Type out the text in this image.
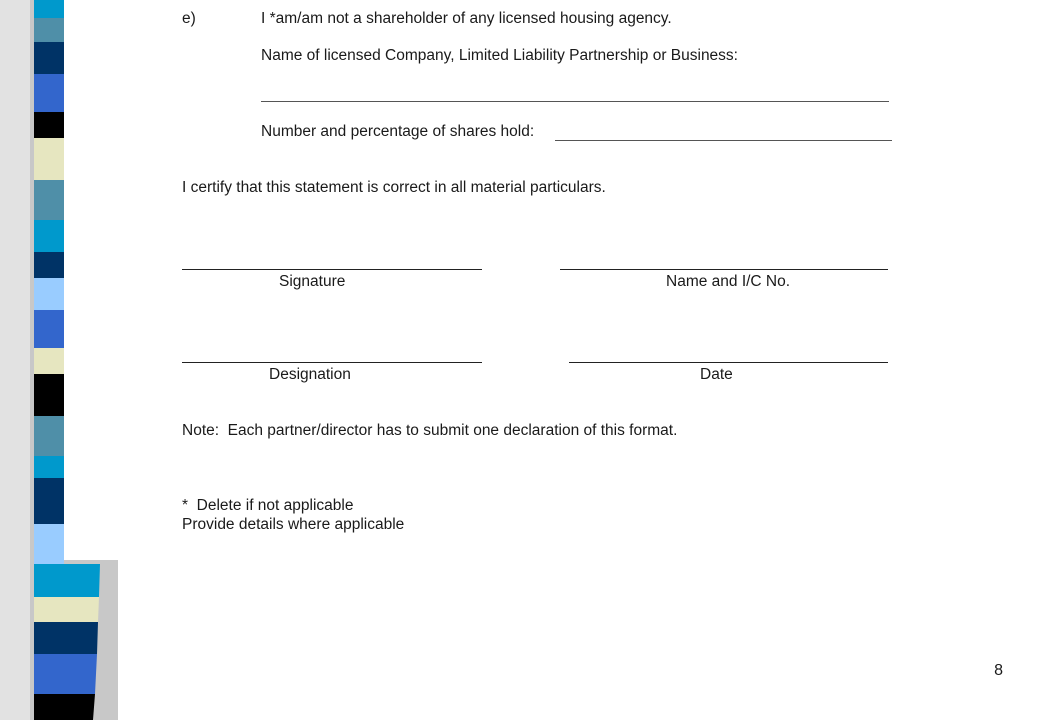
e)	I *am/am not a shareholder of any licensed housing agency.
Name of licensed Company, Limited Liability Partnership or Business:
Number and percentage of shares hold:
I certify that this statement is correct in all material particulars.
Signature	Name and I/C No.
Designation	Date
Note:  Each partner/director has to submit one declaration of this format.
*  Delete if not applicable
Provide details where applicable
8
